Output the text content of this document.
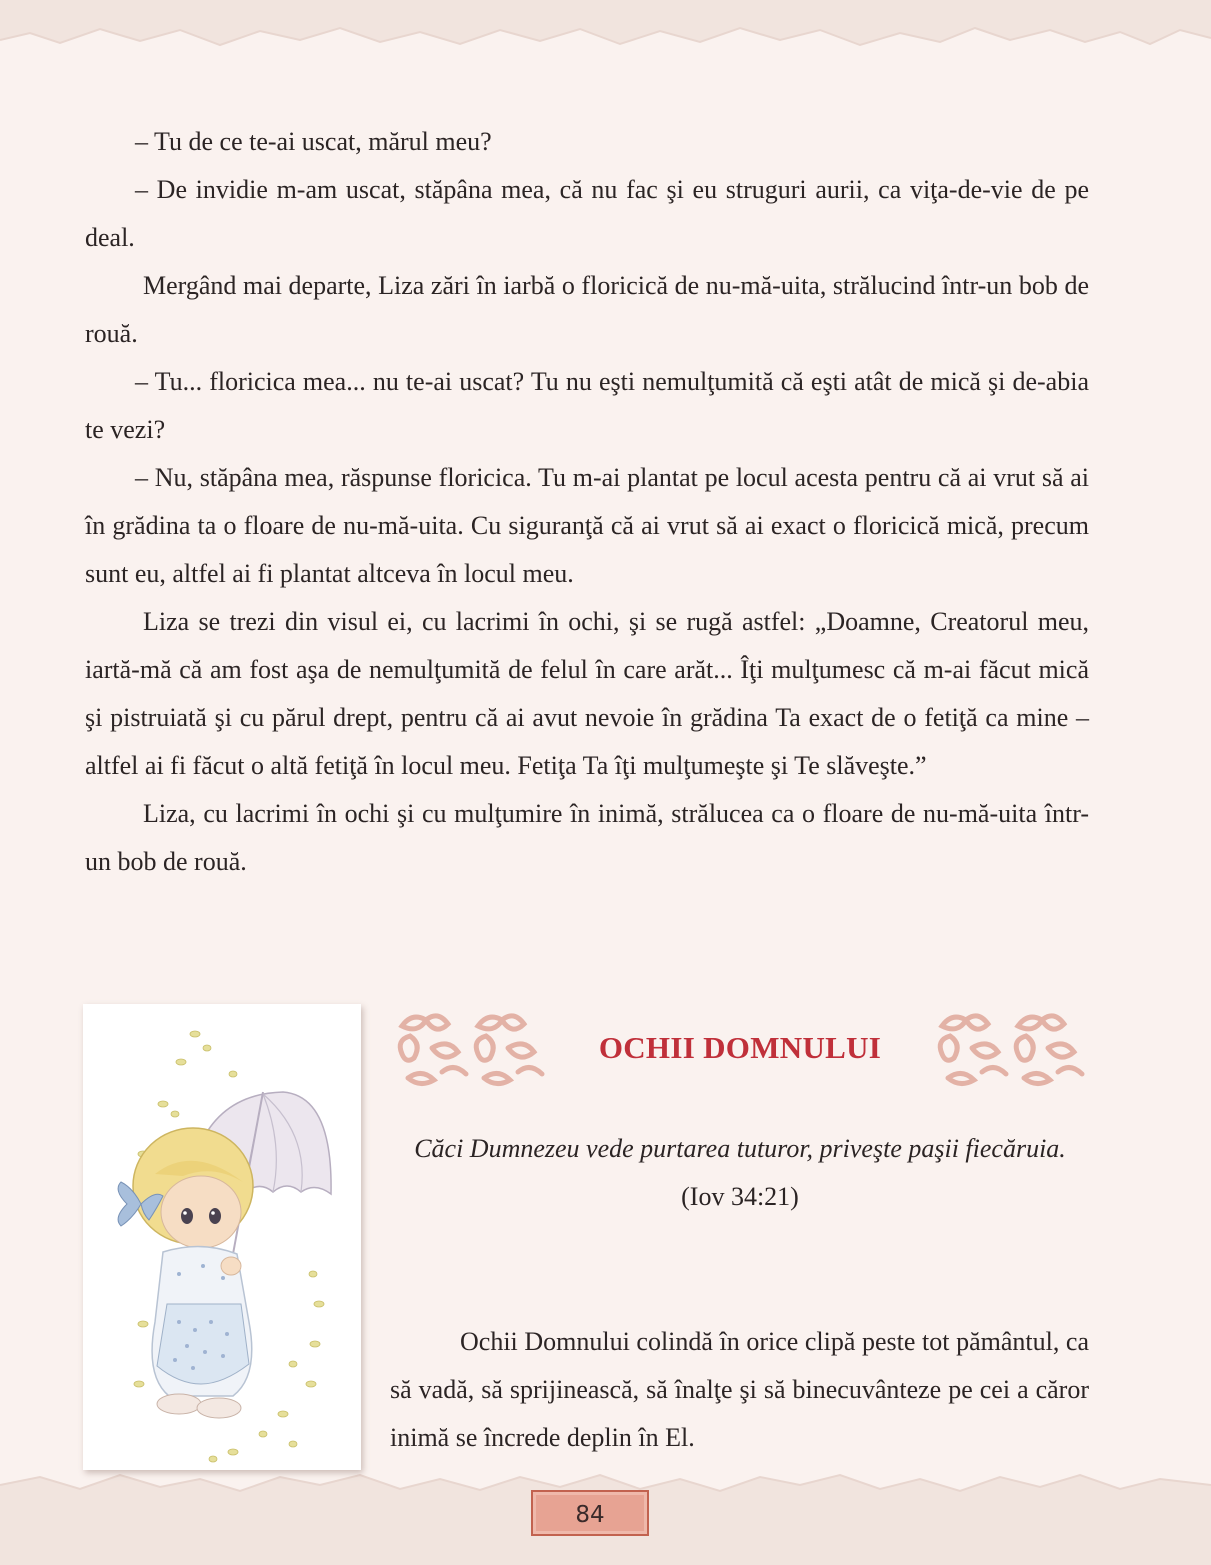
– Tu de ce te-ai uscat, mărul meu?

– De invidie m-am uscat, stăpâna mea, că nu fac şi eu struguri aurii, ca viţa-de-vie de pe deal.

Mergând mai departe, Liza zări în iarbă o floricică de nu-mă-uita, strălucind într-un bob de rouă.

– Tu... floricica mea... nu te-ai uscat? Tu nu eşti nemulţumită că eşti atât de mică şi de-abia te vezi?

– Nu, stăpâna mea, răspunse floricica. Tu m-ai plantat pe locul acesta pentru că ai vrut să ai în grădina ta o floare de nu-mă-uita. Cu siguranţă că ai vrut să ai exact o floricică mică, precum sunt eu, altfel ai fi plantat altceva în locul meu.

Liza se trezi din visul ei, cu lacrimi în ochi, şi se rugă astfel: „Doamne, Creatorul meu, iartă-mă că am fost aşa de nemulţumită de felul în care arăt... Îţi mulţumesc că m-ai făcut mică şi pistruiată şi cu părul drept, pentru că ai avut nevoie în grădina Ta exact de o fetiţă ca mine – altfel ai fi făcut o altă fetiţă în locul meu. Fetiţa Ta îţi mulţumeşte şi Te slăveşte.”

Liza, cu lacrimi în ochi şi cu mulţumire în inimă, strălucea ca o floare de nu-mă-uita într-un bob de rouă.

OCHII DOMNULUI
Căci Dumnezeu vede purtarea tuturor, priveşte paşii fiecăruia.
(Iov 34:21)

Ochii Domnului colindă în orice clipă peste tot pământul, ca să vadă, să sprijinească, să înalţe şi să binecuvânteze pe cei a căror inimă se încrede deplin în El.

84
